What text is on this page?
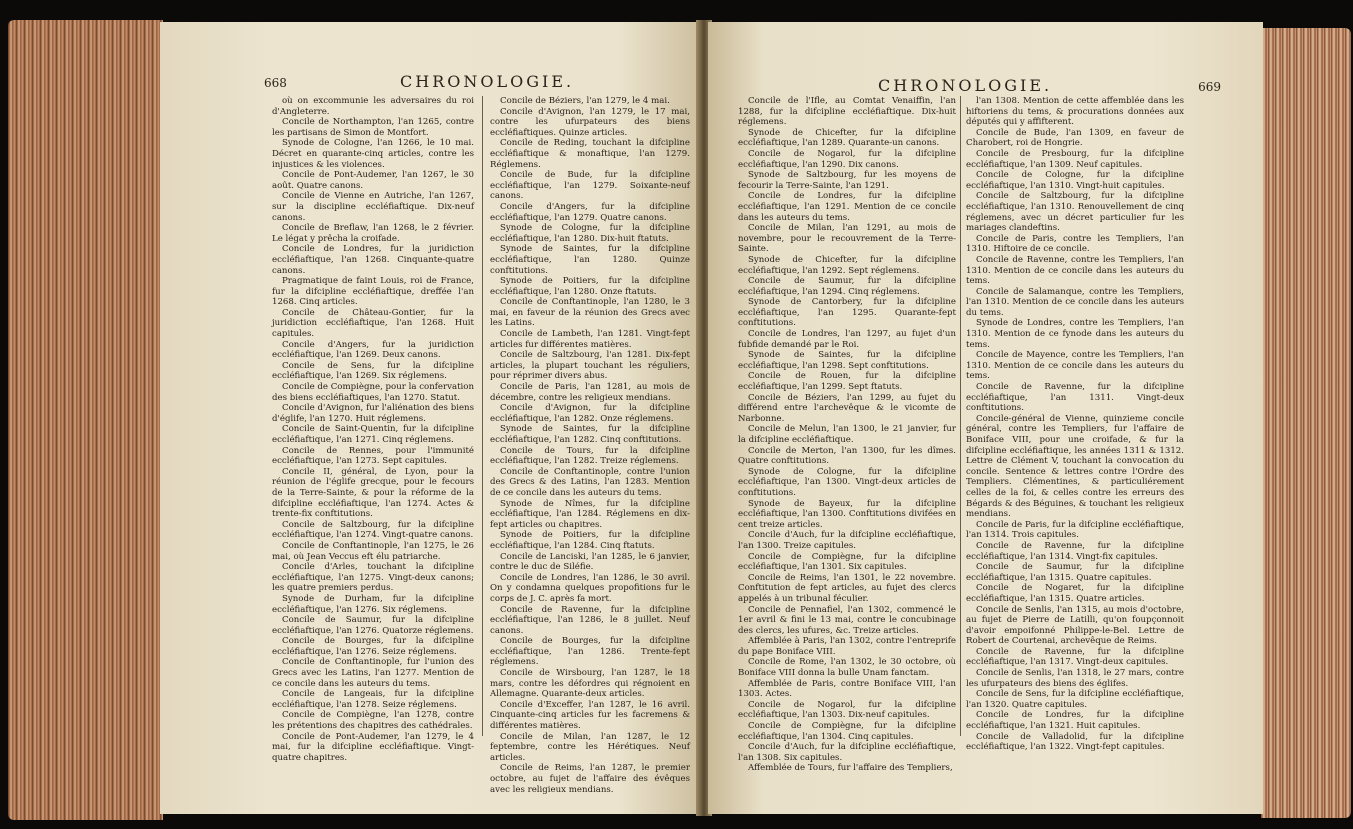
668	CHRONOLOGIE.

où on excommunie les adversaires du roi d'Angleterre.

Concile de Northampton, l'an 1265, contre les partisans de Simon de Montfort.

Synode de Cologne, l'an 1266, le 10 mai. Décret en quarante-cinq articles, contre les injustices & les violences.

Concile de Pont-Audemer, l'an 1267, le 30 août. Quatre canons.

Concile de Vienne en Autriche, l'an 1267, sur la discipline eccléfiaftique. Dix-neuf canons.

Concile de Breflaw, l'an 1268, le 2 février. Le légat y prêcha la croifade.

Concile de Londres, fur la juridiction eccléfiaftique, l'an 1268. Cinquante-quatre canons.

Pragmatique de faint Louis, roi de France, fur la difcipline eccléfiaftique, dreffée l'an 1268. Cinq articles.

Concile de Château-Gontier, fur la juridiction eccléfiaftique, l'an 1268. Huit capitules.

Concile d'Angers, fur la juridiction eccléfiaftique, l'an 1269. Deux canons.

Concile de Sens, fur la difcipline eccléfiaftique, l'an 1269. Six réglemens.

Concile de Compiègne, pour la confervation des biens eccléfiaftiques, l'an 1270. Statut.

Concile d'Avignon, fur l'aliénation des biens d'églife, l'an 1270. Huit réglemens.

Concile de Saint-Quentin, fur la difcipline eccléfiaftique, l'an 1271. Cinq réglemens.

Concile de Rennes, pour l'immunité eccléfiaftique, l'an 1273. Sept capitules.

Concile II, général, de Lyon, pour la réunion de l'églife grecque, pour le fecours de la Terre-Sainte, & pour la réforme de la difcipline eccléfiaftique, l'an 1274. Actes & trente-fix conftitutions.

Concile de Saltzbourg, fur la difcipline eccléfiaftique, l'an 1274. Vingt-quatre canons.

Concile de Conftantinople, l'an 1275, le 26 mai, où Jean Veccus eft élu patriarche.

Concile d'Arles, touchant la difcipline eccléfiaftique, l'an 1275. Vingt-deux canons; les quatre premiers perdus.

Synode de Durham, fur la difcipline eccléfiaftique, l'an 1276. Six réglemens.

Concile de Saumur, fur la difcipline eccléfiaftique, l'an 1276. Quatorze réglemens.

Concile de Bourges, fur la difcipline eccléfiaftique, l'an 1276. Seize réglemens.

Concile de Conftantinople, fur l'union des Grecs avec les Latins, l'an 1277. Mention de ce concile dans les auteurs du tems.

Concile de Langeais, fur la difcipline eccléfiaftique, l'an 1278. Seize réglemens.

Concile de Compiègne, l'an 1278, contre les prétentions des chapitres des cathédrales.

Concile de Pont-Audemer, l'an 1279, le 4 mai, fur la difcipline eccléfiaftique. Vingt-quatre chapitres.

Concile de Béziers, l'an 1279, le 4 mai.

Concile d'Avignon, l'an 1279, le 17 mai, contre les ufurpateurs des biens eccléfiaftiques. Quinze articles.

Concile de Reding, touchant la difcipline eccléfiaftique & monaftique, l'an 1279. Réglemens.

Concile de Bude, fur la difcipline eccléfiaftique, l'an 1279. Soixante-neuf canons.

Concile d'Angers, fur la difcipline eccléfiaftique, l'an 1279. Quatre canons.

Synode de Cologne, fur la difcipline eccléfiaftique, l'an 1280. Dix-huit ftatuts.

Synode de Saintes, fur la difcipline eccléfiaftique, l'an 1280. Quinze conftitutions.

Synode de Poitiers, fur la difcipline eccléfiaftique, l'an 1280. Onze ftatuts.

Concile de Conftantinople, l'an 1280, le 3 mai, en faveur de la réunion des Grecs avec les Latins.

Concile de Lambeth, l'an 1281. Vingt-fept articles fur différentes matières.

Concile de Saltzbourg, l'an 1281. Dix-fept articles, la plupart touchant les réguliers, pour réprimer divers abus.

Concile de Paris, l'an 1281, au mois de décembre, contre les religieux mendians.

Concile d'Avignon, fur la difcipline eccléfiaftique, l'an 1282. Onze réglemens.

Synode de Saintes, fur la difcipline eccléfiaftique, l'an 1282. Cinq conftitutions.

Concile de Tours, fur la difcipline eccléfiaftique, l'an 1282. Treize réglemens.

Concile de Conftantinople, contre l'union des Grecs & des Latins, l'an 1283. Mention de ce concile dans les auteurs du tems.

Synode de Nîmes, fur la difcipline eccléfiaftique, l'an 1284. Réglemens en dix-fept articles ou chapitres.

Synode de Poitiers, fur la difcipline eccléfiaftique, l'an 1284. Cinq ftatuts.

Concile de Lanciski, l'an 1285, le 6 janvier, contre le duc de Siléfie.

Concile de Londres, l'an 1286, le 30 avril. On y condamna quelques propofitions fur le corps de J. C. après fa mort.

Concile de Ravenne, fur la difcipline eccléfiaftique, l'an 1286, le 8 juillet. Neuf canons.

Concile de Bourges, fur la difcipline eccléfiaftique, l'an 1286. Trente-fept réglemens.

Concile de Wirsbourg, l'an 1287, le 18 mars, contre les défordres qui régnoient en Allemagne. Quarante-deux articles.

Concile d'Exceffer, l'an 1287, le 16 avril. Cinquante-cinq articles fur les facremens & différentes matières.

Concile de Milan, l'an 1287, le 12 feptembre, contre les Hérétiques. Neuf articles.

Concile de Reims, l'an 1287, le premier octobre, au fujet de l'affaire des évêques avec les religieux mendians.

CHRONOLOGIE.	669

Concile de l'Ifle, au Comtat Venaiffin, l'an 1288, fur la difcipline eccléfiaftique. Dix-huit réglemens.

Synode de Chicefter, fur la difcipline eccléfiaftique, l'an 1289. Quarante-un canons.

Concile de Nogarol, fur la difcipline eccléfiaftique, l'an 1290. Dix canons.

Synode de Saltzbourg, fur les moyens de fecourir la Terre-Sainte, l'an 1291.

Concile de Londres, fur la difcipline eccléfiaftique, l'an 1291. Mention de ce concile dans les auteurs du tems.

Concile de Milan, l'an 1291, au mois de novembre, pour le recouvrement de la Terre-Sainte.

Synode de Chicefter, fur la difcipline eccléfiaftique, l'an 1292. Sept réglemens.

Concile de Saumur, fur la difcipline eccléfiaftique, l'an 1294. Cinq réglemens.

Synode de Cantorbery, fur la difcipline eccléfiaftique, l'an 1295. Quarante-fept conftitutions.

Concile de Londres, l'an 1297, au fujet d'un fubfide demandé par le Roi.

Synode de Saintes, fur la difcipline eccléfiaftique, l'an 1298. Sept conftitutions.

Concile de Rouen, fur la difcipline eccléfiaftique, l'an 1299. Sept ftatuts.

Concile de Béziers, l'an 1299, au fujet du différend entre l'archevêque & le vicomte de Narbonne.

Concile de Melun, l'an 1300, le 21 janvier, fur la difcipline eccléfiaftique.

Concile de Merton, l'an 1300, fur les dîmes. Quatre conftitutions.

Synode de Cologne, fur la difcipline eccléfiaftique, l'an 1300. Vingt-deux articles de conftitutions.

Synode de Bayeux, fur la difcipline eccléfiaftique, l'an 1300. Conftitutions divifées en cent treize articles.

Concile d'Auch, fur la difcipline eccléfiaftique, l'an 1300. Treize capitules.

Concile de Compiègne, fur la difcipline eccléfiaftique, l'an 1301. Six capitules.

Concile de Reims, l'an 1301, le 22 novembre. Conftitution de fept articles, au fujet des clercs appelés à un tribunal féculier.

Concile de Pennafiel, l'an 1302, commencé le 1er avril & fini le 13 mai, contre le concubinage des clercs, les ufures, &c. Treize articles.

Affemblée à Paris, l'an 1302, contre l'entreprife du pape Boniface VIII.

Concile de Rome, l'an 1302, le 30 octobre, où Boniface VIII donna la bulle Unam fanctam.

Affemblée de Paris, contre Boniface VIII, l'an 1303. Actes.

Concile de Nogarol, fur la difcipline eccléfiaftique, l'an 1303. Dix-neuf capitules.

Concile de Compiègne, fur la difcipline eccléfiaftique, l'an 1304. Cinq capitules.

Concile d'Auch, fur la difcipline eccléfiaftique, l'an 1308. Six capitules.

Affemblée de Tours, fur l'affaire des Templiers,

l'an 1308. Mention de cette affemblée dans les hiftoriens du tems, & procurations données aux députés qui y affifterent.

Concile de Bude, l'an 1309, en faveur de Charobert, roi de Hongrie.

Concile de Presbourg, fur la difcipline eccléfiaftique, l'an 1309. Neuf capitules.

Concile de Cologne, fur la difcipline eccléfiaftique, l'an 1310. Vingt-huit capitules.

Concile de Saltzbourg, fur la difcipline eccléfiaftique, l'an 1310. Renouvellement de cinq réglemens, avec un décret particulier fur les mariages clandeftins.

Concile de Paris, contre les Templiers, l'an 1310. Hiftoire de ce concile.

Concile de Ravenne, contre les Templiers, l'an 1310. Mention de ce concile dans les auteurs du tems.

Concile de Salamanque, contre les Templiers, l'an 1310. Mention de ce concile dans les auteurs du tems.

Synode de Londres, contre les Templiers, l'an 1310. Mention de ce fynode dans les auteurs du tems.

Concile de Mayence, contre les Templiers, l'an 1310. Mention de ce concile dans les auteurs du tems.

Concile de Ravenne, fur la difcipline eccléfiaftique, l'an 1311. Vingt-deux conftitutions.

Concile-général de Vienne, quinzieme concile général, contre les Templiers, fur l'affaire de Boniface VIII, pour une croifade, & fur la difcipline eccléfiaftique, les années 1311 & 1312. Lettre de Clément V, touchant la convocation du concile. Sentence & lettres contre l'Ordre des Templiers. Clémentines, & particuliérement celles de la foi, & celles contre les erreurs des Bégards & des Béguines, & touchant les religieux mendians.

Concile de Paris, fur la difcipline eccléfiaftique, l'an 1314. Trois capitules.

Concile de Ravenne, fur la difcipline eccléfiaftique, l'an 1314. Vingt-fix capitules.

Concile de Saumur, fur la difcipline eccléfiaftique, l'an 1315. Quatre capitules.

Concile de Nogaret, fur la difcipline eccléfiaftique, l'an 1315. Quatre articles.

Concile de Senlis, l'an 1315, au mois d'octobre, au fujet de Pierre de Latilli, qu'on foupçonnoit d'avoir empoifonné Philippe-le-Bel. Lettre de Robert de Courtenai, archevêque de Reims.

Concile de Ravenne, fur la difcipline eccléfiaftique, l'an 1317. Vingt-deux capitules.

Concile de Senlis, l'an 1318, le 27 mars, contre les ufurpateurs des biens des églifes.

Concile de Sens, fur la difcipline eccléfiaftique, l'an 1320. Quatre capitules.

Concile de Londres, fur la difcipline eccléfiaftique, l'an 1321. Huit capitules.

Concile de Valladolid, fur la difcipline eccléfiaftique, l'an 1322. Vingt-fept capitules.
